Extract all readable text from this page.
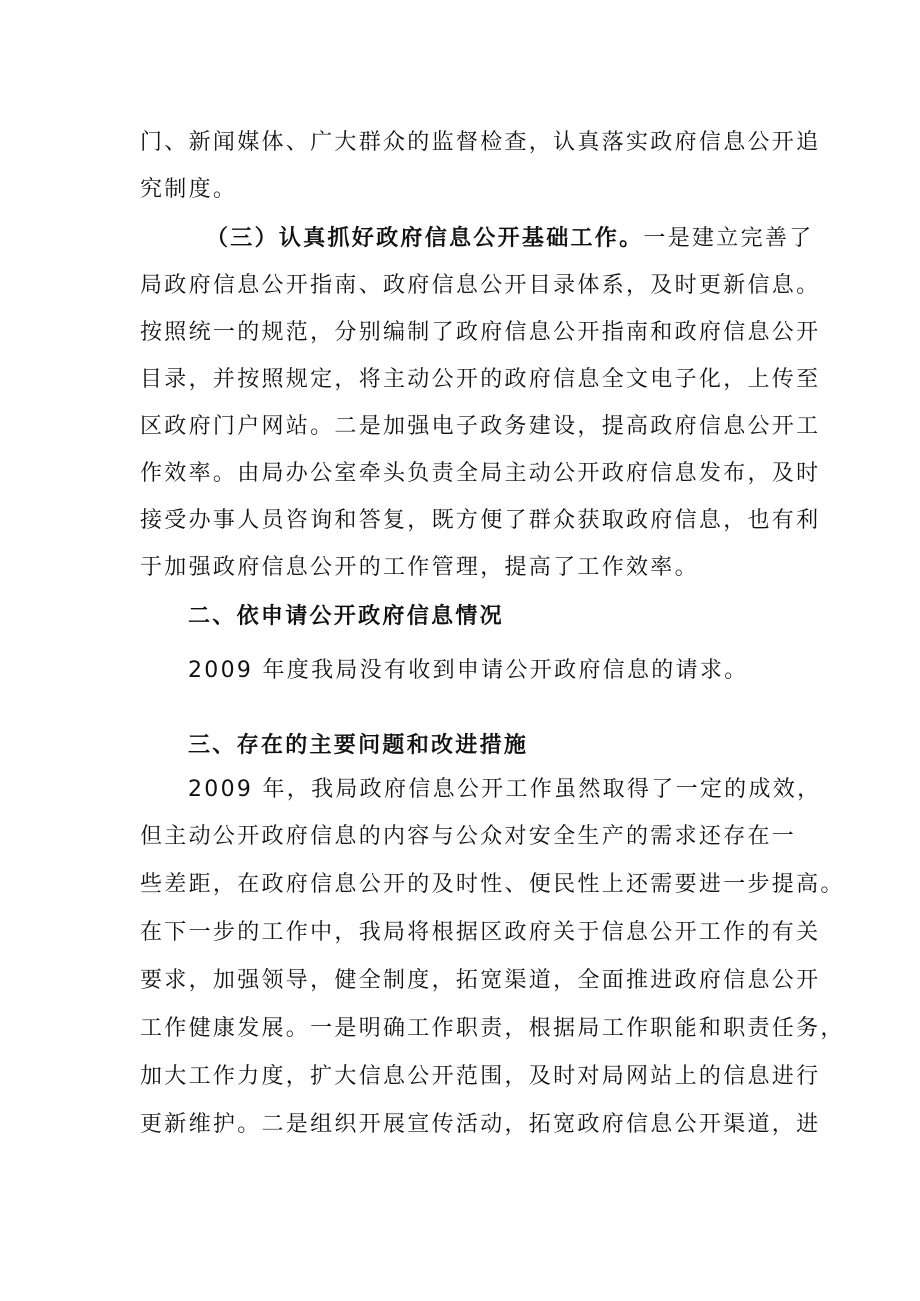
门、新闻媒体、广大群众的监督检查，认真落实政府信息公开追
究制度。
（三）认真抓好政府信息公开基础工作。一是建立完善了
局政府信息公开指南、政府信息公开目录体系，及时更新信息。
按照统一的规范，分别编制了政府信息公开指南和政府信息公开
目录，并按照规定，将主动公开的政府信息全文电子化，上传至
区政府门户网站。二是加强电子政务建设，提高政府信息公开工
作效率。由局办公室牵头负责全局主动公开政府信息发布，及时
接受办事人员咨询和答复，既方便了群众获取政府信息，也有利
于加强政府信息公开的工作管理，提高了工作效率。
二、依申请公开政府信息情况
2009 年度我局没有收到申请公开政府信息的请求。
三、存在的主要问题和改进措施
2009 年，我局政府信息公开工作虽然取得了一定的成效，
但主动公开政府信息的内容与公众对安全生产的需求还存在一
些差距，在政府信息公开的及时性、便民性上还需要进一步提高。
在下一步的工作中，我局将根据区政府关于信息公开工作的有关
要求，加强领导，健全制度，拓宽渠道，全面推进政府信息公开
工作健康发展。一是明确工作职责，根据局工作职能和职责任务，
加大工作力度，扩大信息公开范围，及时对局网站上的信息进行
更新维护。二是组织开展宣传活动，拓宽政府信息公开渠道，进
